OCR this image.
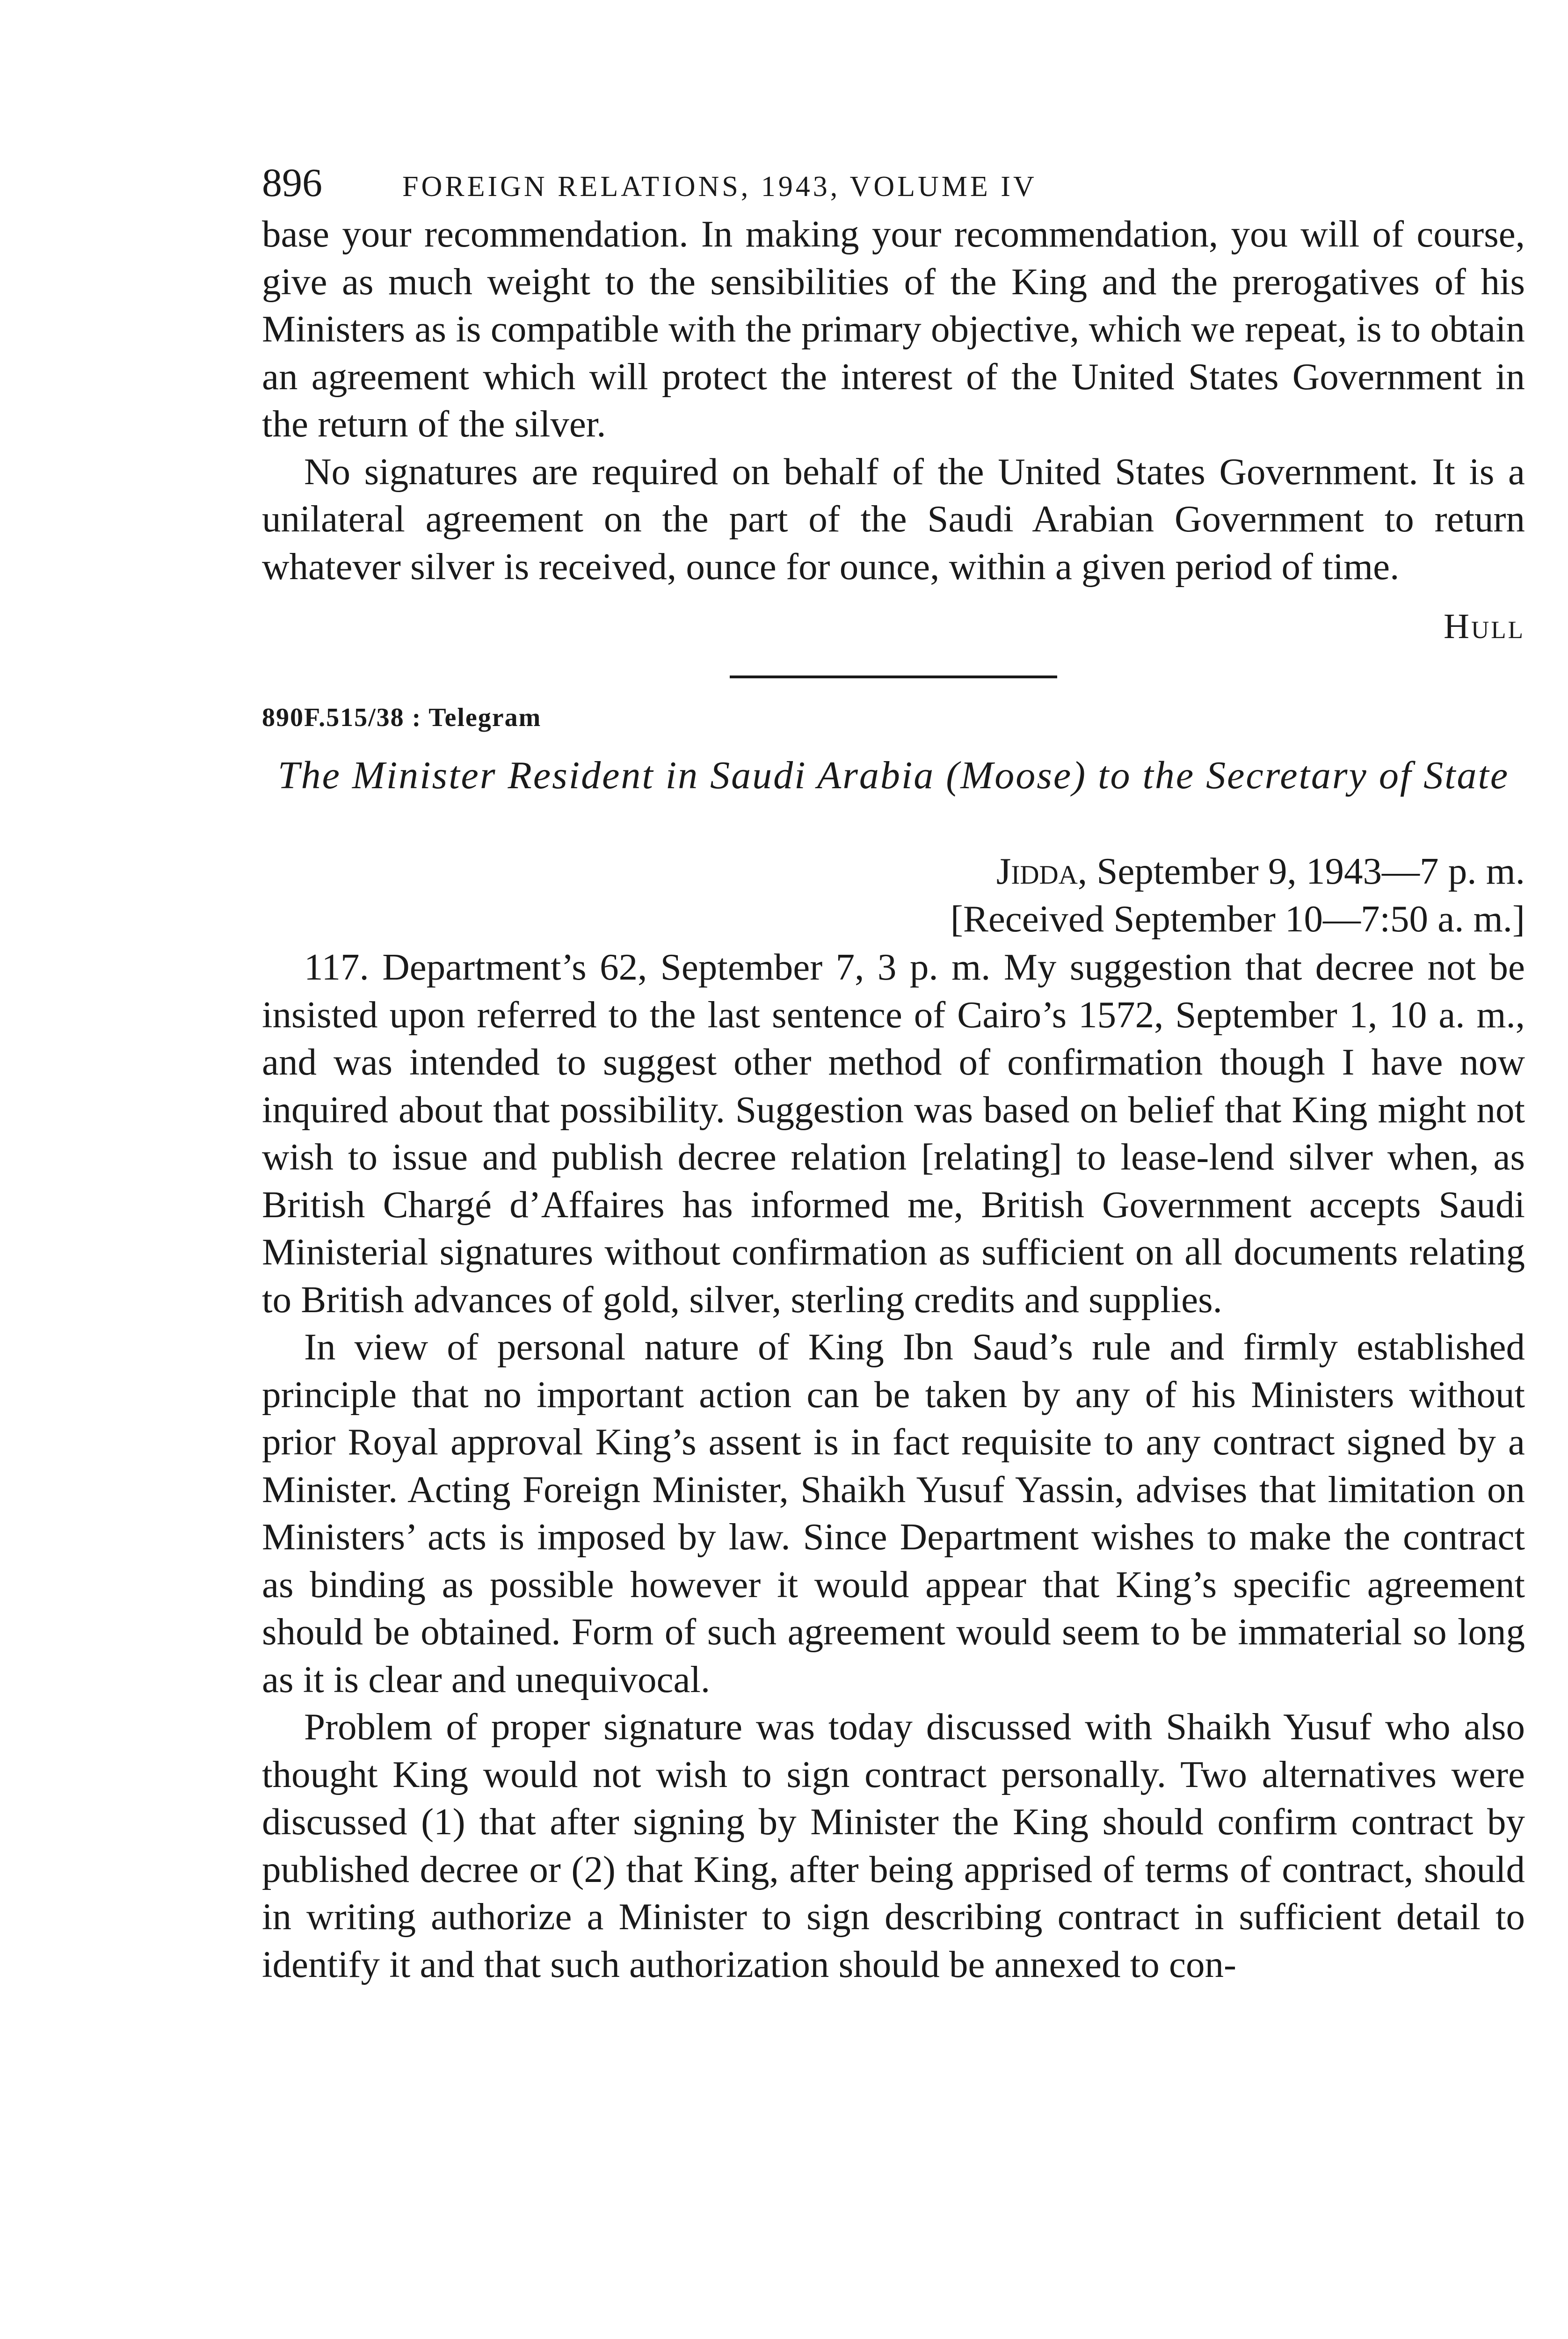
896	FOREIGN RELATIONS, 1943, VOLUME IV

base your recommendation. In making your recommendation, you will of course, give as much weight to the sensibilities of the King and the prerogatives of his Ministers as is compatible with the primary objective, which we repeat, is to obtain an agreement which will protect the interest of the United States Government in the return of the silver.

No signatures are required on behalf of the United States Government. It is a unilateral agreement on the part of the Saudi Arabian Government to return whatever silver is received, ounce for ounce, within a given period of time.

Hull
890F.515/38 : Telegram
The Minister Resident in Saudi Arabia (Moose) to the Secretary of State
Jidda, September 9, 1943—7 p. m.
[Received September 10—7:50 a. m.]

117. Department’s 62, September 7, 3 p. m. My suggestion that decree not be insisted upon referred to the last sentence of Cairo’s 1572, September 1, 10 a. m., and was intended to suggest other method of confirmation though I have now inquired about that possibility. Suggestion was based on belief that King might not wish to issue and publish decree relation [relating] to lease-lend silver when, as British Chargé d’Affaires has informed me, British Government accepts Saudi Ministerial signatures without confirmation as sufficient on all documents relating to British advances of gold, silver, sterling credits and supplies.

In view of personal nature of King Ibn Saud’s rule and firmly established principle that no important action can be taken by any of his Ministers without prior Royal approval King’s assent is in fact requisite to any contract signed by a Minister. Acting Foreign Minister, Shaikh Yusuf Yassin, advises that limitation on Ministers’ acts is imposed by law. Since Department wishes to make the contract as binding as possible however it would appear that King’s specific agreement should be obtained. Form of such agreement would seem to be immaterial so long as it is clear and unequivocal.

Problem of proper signature was today discussed with Shaikh Yusuf who also thought King would not wish to sign contract personally. Two alternatives were discussed (1) that after signing by Minister the King should confirm contract by published decree or (2) that King, after being apprised of terms of contract, should in writing authorize a Minister to sign describing contract in sufficient detail to identify it and that such authorization should be annexed to con-
